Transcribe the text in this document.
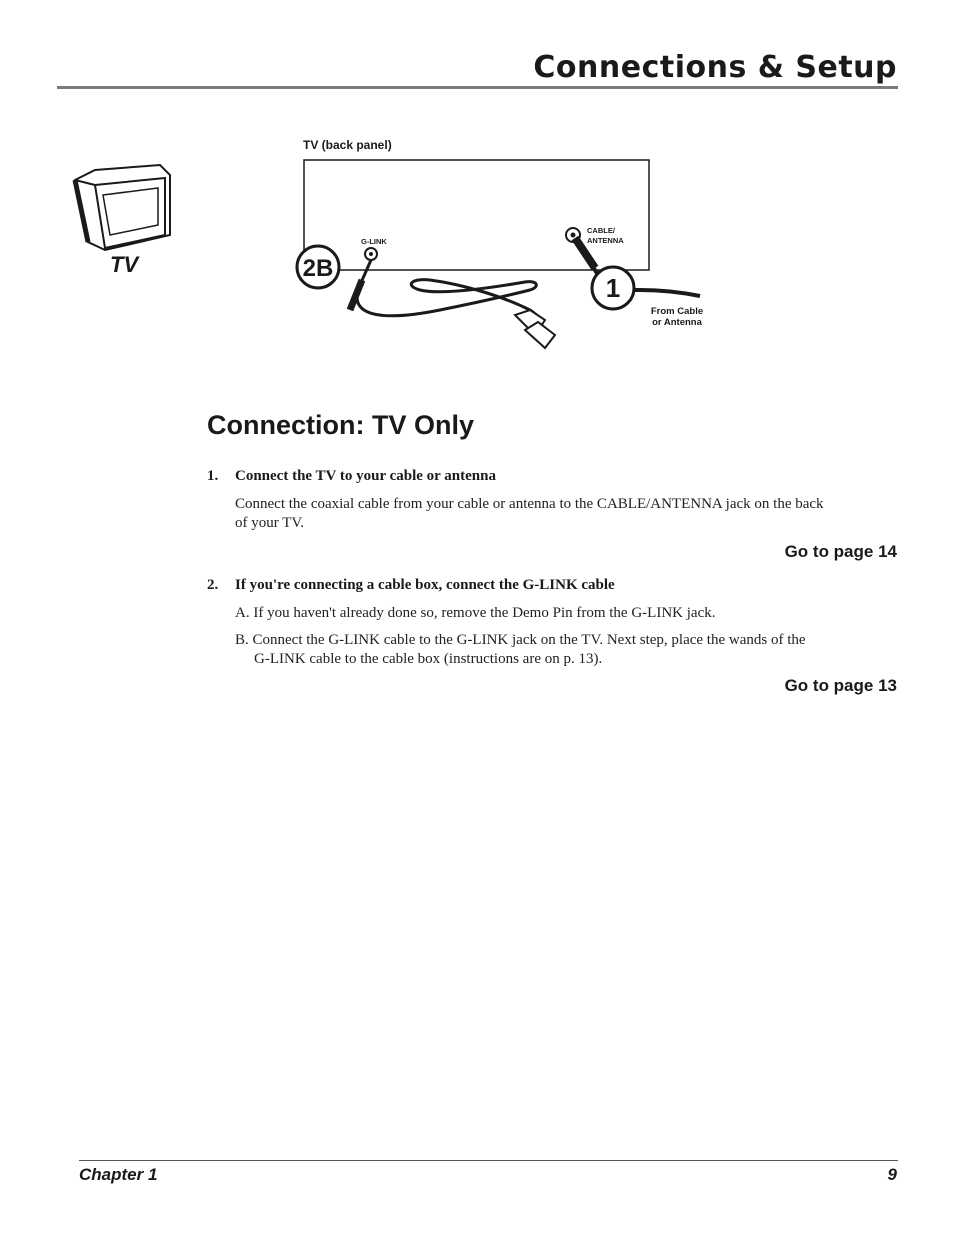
Connections & Setup
TV
TV (back panel)
G-LINK
CABLE/
ANTENNA
2B
1
From Cable
or Antenna
Connection: TV Only
1. Connect the TV to your cable or antenna
Connect the coaxial cable from your cable or antenna to the CABLE/ANTENNA jack on the back
of your TV.
Go to page 14
2. If you're connecting a cable box, connect the G-LINK cable
A. If you haven't already done so, remove the Demo Pin from the G-LINK jack.
B. Connect the G-LINK cable to the G-LINK jack on the TV. Next step, place the wands of the
G-LINK cable to the cable box (instructions are on p. 13).
Go to page 13
Chapter 1	9
